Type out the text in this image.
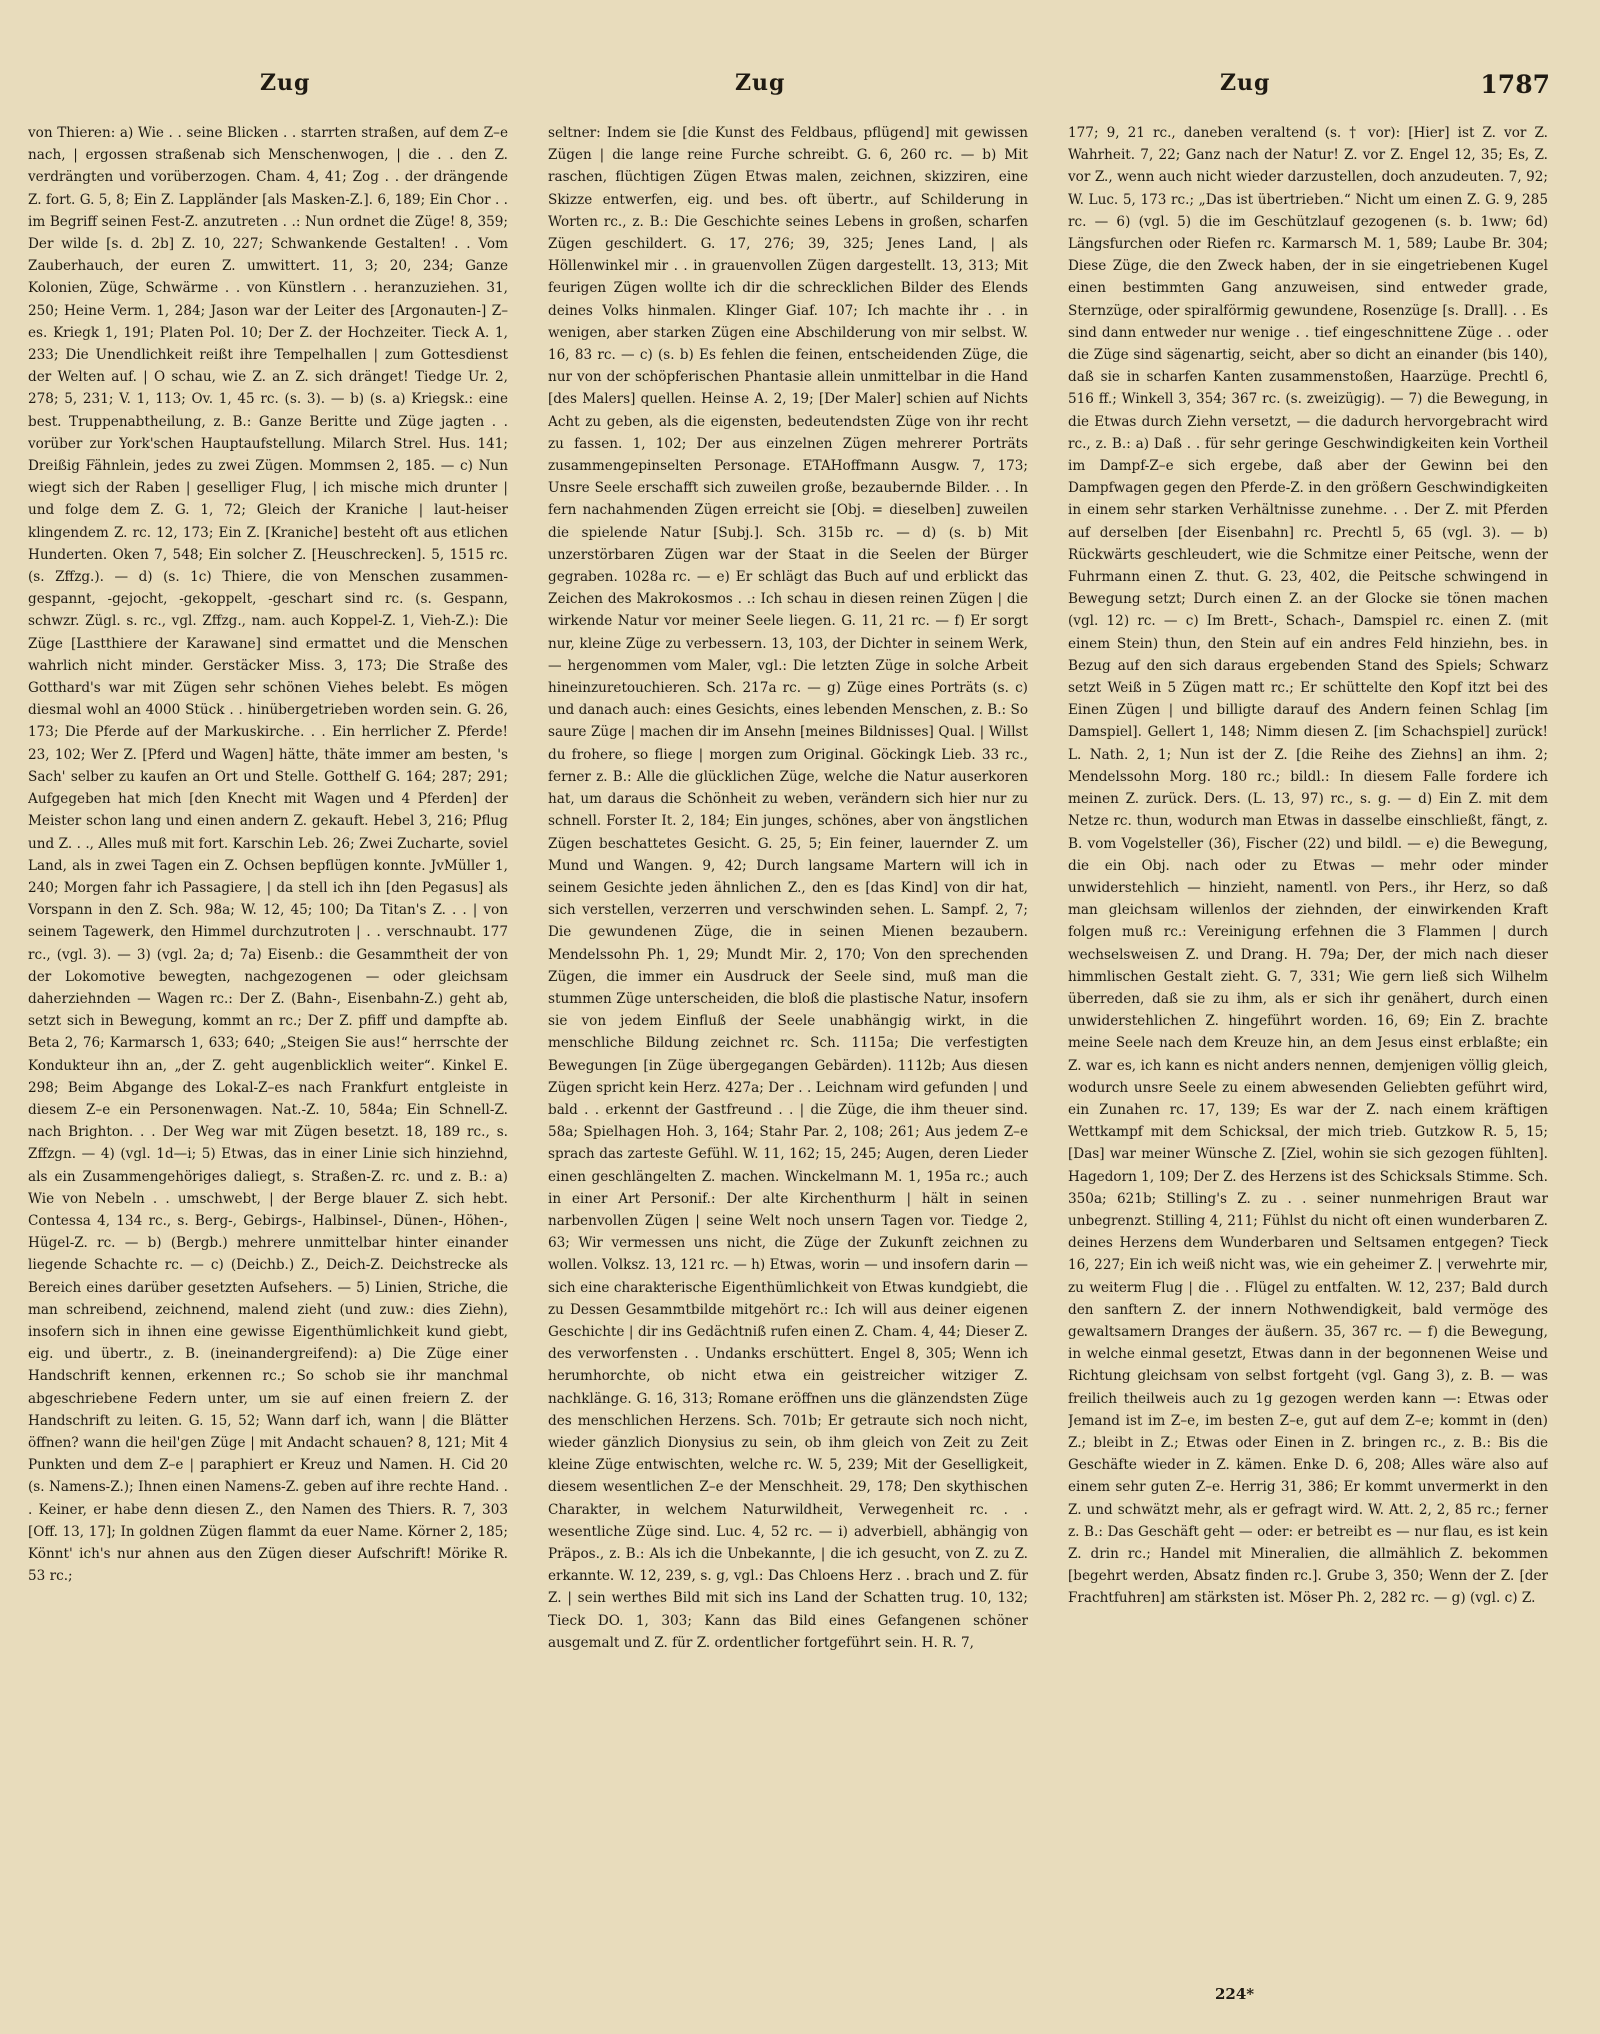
Zug	Zug	Zug	1787

von Thieren: a) Wie . . seine Blicken . . starrten straßen, auf dem Z–e nach, | ergossen straßenab sich Menschenwogen, | die . . den Z. verdrängten und vorüberzogen. Cham. 4, 41; Zog . . der drängende Z. fort. G. 5, 8; Ein Z. Lappländer [als Masken-Z.]. 6, 189; Ein Chor . . im Begriff seinen Fest-Z. anzutreten . .: Nun ordnet die Züge! 8, 359; Der wilde [s. d. 2b] Z. 10, 227; Schwankende Gestalten! . . Vom Zauberhauch, der euren Z. umwittert. 11, 3; 20, 234; Ganze Kolonien, Züge, Schwärme . . von Künstlern . . heranzuziehen. 31, 250; Heine Verm. 1, 284; Jason war der Leiter des [Argonauten-] Z–es. Kriegk 1, 191; Platen Pol. 10; Der Z. der Hochzeiter. Tieck A. 1, 233; Die Unendlichkeit reißt ihre Tempelhallen | zum Gottesdienst der Welten auf. | O schau, wie Z. an Z. sich dränget! Tiedge Ur. 2, 278; 5, 231; V. 1, 113; Ov. 1, 45 rc. (s. 3). — b) (s. a) Kriegsk.: eine best. Truppenabtheilung, z. B.: Ganze Beritte und Züge jagten . . vorüber zur York'schen Hauptaufstellung. Milarch Strel. Hus. 141; Dreißig Fähnlein, jedes zu zwei Zügen. Mommsen 2, 185. — c) Nun wiegt sich der Raben | geselliger Flug, | ich mische mich drunter | und folge dem Z. G. 1, 72; Gleich der Kraniche | laut-heiser klingendem Z. rc. 12, 173; Ein Z. [Kraniche] besteht oft aus etlichen Hunderten. Oken 7, 548; Ein solcher Z. [Heuschrecken]. 5, 1515 rc. (s. Zffzg.). — d) (s. 1c) Thiere, die von Menschen zusammen-gespannt, -gejocht, -gekoppelt, -geschart sind rc. (s. Gespann, schwzr. Zügl. s. rc., vgl. Zffzg., nam. auch Koppel-Z. 1, Vieh-Z.): Die Züge [Lastthiere der Karawane] sind ermattet und die Menschen wahrlich nicht minder. Gerstäcker Miss. 3, 173; Die Straße des Gotthard's war mit Zügen sehr schönen Viehes belebt. Es mögen diesmal wohl an 4000 Stück . . hinübergetrieben worden sein. G. 26, 173; Die Pferde auf der Markuskirche. . . Ein herrlicher Z. Pferde! 23, 102; Wer Z. [Pferd und Wagen] hätte, thäte immer am besten, 's Sach' selber zu kaufen an Ort und Stelle. Gotthelf G. 164; 287; 291; Aufgegeben hat mich [den Knecht mit Wagen und 4 Pferden] der Meister schon lang und einen andern Z. gekauft. Hebel 3, 216; Pflug und Z. . ., Alles muß mit fort. Karschin Leb. 26; Zwei Zucharte, soviel Land, als in zwei Tagen ein Z. Ochsen bepflügen konnte. JvMüller 1, 240; Morgen fahr ich Passagiere, | da stell ich ihn [den Pegasus] als Vorspann in den Z. Sch. 98a; W. 12, 45; 100; Da Titan's Z. . . | von seinem Tagewerk, den Himmel durchzutroten | . . verschnaubt. 177 rc., (vgl. 3). — 3) (vgl. 2a; d; 7a) Eisenb.: die Gesammtheit der von der Lokomotive bewegten, nachgezogenen — oder gleichsam daherziehnden — Wagen rc.: Der Z. (Bahn-, Eisenbahn-Z.) geht ab, setzt sich in Bewegung, kommt an rc.; Der Z. pfiff und dampfte ab. Beta 2, 76; Karmarsch 1, 633; 640; „Steigen Sie aus!“ herrschte der Kondukteur ihn an, „der Z. geht augenblicklich weiter“. Kinkel E. 298; Beim Abgange des Lokal-Z–es nach Frankfurt entgleiste in diesem Z–e ein Personenwagen. Nat.-Z. 10, 584a; Ein Schnell-Z. nach Brighton. . . Der Weg war mit Zügen besetzt. 18, 189 rc., s. Zffzgn. — 4) (vgl. 1d—i; 5) Etwas, das in einer Linie sich hinziehnd, als ein Zusammengehöriges daliegt, s. Straßen-Z. rc. und z. B.: a) Wie von Nebeln . . umschwebt, | der Berge blauer Z. sich hebt. Contessa 4, 134 rc., s. Berg-, Gebirgs-, Halbinsel-, Dünen-, Höhen-, Hügel-Z. rc. — b) (Bergb.) mehrere unmittelbar hinter einander liegende Schachte rc. — c) (Deichb.) Z., Deich-Z. Deichstrecke als Bereich eines darüber gesetzten Aufsehers. — 5) Linien, Striche, die man schreibend, zeichnend, malend zieht (und zuw.: dies Ziehn), insofern sich in ihnen eine gewisse Eigenthümlichkeit kund giebt, eig. und übertr., z. B. (ineinandergreifend): a) Die Züge einer Handschrift kennen, erkennen rc.; So schob sie ihr manchmal abgeschriebene Federn unter, um sie auf einen freiern Z. der Handschrift zu leiten. G. 15, 52; Wann darf ich, wann | die Blätter öffnen? wann die heil'gen Züge | mit Andacht schauen? 8, 121; Mit 4 Punkten und dem Z–e | paraphiert er Kreuz und Namen. H. Cid 20 (s. Namens-Z.); Ihnen einen Namens-Z. geben auf ihre rechte Hand. . . Keiner, er habe denn diesen Z., den Namen des Thiers. R. 7, 303 [Off. 13, 17]; In goldnen Zügen flammt da euer Name. Körner 2, 185; Könnt' ich's nur ahnen aus den Zügen dieser Aufschrift! Mörike R. 53 rc.;

seltner: Indem sie [die Kunst des Feldbaus, pflügend] mit gewissen Zügen | die lange reine Furche schreibt. G. 6, 260 rc. — b) Mit raschen, flüchtigen Zügen Etwas malen, zeichnen, skizziren, eine Skizze entwerfen, eig. und bes. oft übertr., auf Schilderung in Worten rc., z. B.: Die Geschichte seines Lebens in großen, scharfen Zügen geschildert. G. 17, 276; 39, 325; Jenes Land, | als Höllenwinkel mir . . in grauenvollen Zügen dargestellt. 13, 313; Mit feurigen Zügen wollte ich dir die schrecklichen Bilder des Elends deines Volks hinmalen. Klinger Giaf. 107; Ich machte ihr . . in wenigen, aber starken Zügen eine Abschilderung von mir selbst. W. 16, 83 rc. — c) (s. b) Es fehlen die feinen, entscheidenden Züge, die nur von der schöpferischen Phantasie allein unmittelbar in die Hand [des Malers] quellen. Heinse A. 2, 19; [Der Maler] schien auf Nichts Acht zu geben, als die eigensten, bedeutendsten Züge von ihr recht zu fassen. 1, 102; Der aus einzelnen Zügen mehrerer Porträts zusammengepinselten Personage. ETAHoffmann Ausgw. 7, 173; Unsre Seele erschafft sich zuweilen große, bezaubernde Bilder. . . In fern nachahmenden Zügen erreicht sie [Obj. = dieselben] zuweilen die spielende Natur [Subj.]. Sch. 315b rc. — d) (s. b) Mit unzerstörbaren Zügen war der Staat in die Seelen der Bürger gegraben. 1028a rc. — e) Er schlägt das Buch auf und erblickt das Zeichen des Makrokosmos . .: Ich schau in diesen reinen Zügen | die wirkende Natur vor meiner Seele liegen. G. 11, 21 rc. — f) Er sorgt nur, kleine Züge zu verbessern. 13, 103, der Dichter in seinem Werk, — hergenommen vom Maler, vgl.: Die letzten Züge in solche Arbeit hineinzuretouchieren. Sch. 217a rc. — g) Züge eines Porträts (s. c) und danach auch: eines Gesichts, eines lebenden Menschen, z. B.: So saure Züge | machen dir im Ansehn [meines Bildnisses] Qual. | Willst du frohere, so fliege | morgen zum Original. Göckingk Lieb. 33 rc., ferner z. B.: Alle die glücklichen Züge, welche die Natur auserkoren hat, um daraus die Schönheit zu weben, verändern sich hier nur zu schnell. Forster It. 2, 184; Ein junges, schönes, aber von ängstlichen Zügen beschattetes Gesicht. G. 25, 5; Ein feiner, lauernder Z. um Mund und Wangen. 9, 42; Durch langsame Martern will ich in seinem Gesichte jeden ähnlichen Z., den es [das Kind] von dir hat, sich verstellen, verzerren und verschwinden sehen. L. Sampf. 2, 7; Die gewundenen Züge, die in seinen Mienen bezaubern. Mendelssohn Ph. 1, 29; Mundt Mir. 2, 170; Von den sprechenden Zügen, die immer ein Ausdruck der Seele sind, muß man die stummen Züge unterscheiden, die bloß die plastische Natur, insofern sie von jedem Einfluß der Seele unabhängig wirkt, in die menschliche Bildung zeichnet rc. Sch. 1115a; Die verfestigten Bewegungen [in Züge übergegangen Gebärden). 1112b; Aus diesen Zügen spricht kein Herz. 427a; Der . . Leichnam wird gefunden | und bald . . erkennt der Gastfreund . . | die Züge, die ihm theuer sind. 58a; Spielhagen Hoh. 3, 164; Stahr Par. 2, 108; 261; Aus jedem Z–e sprach das zarteste Gefühl. W. 11, 162; 15, 245; Augen, deren Lieder einen geschlängelten Z. machen. Winckelmann M. 1, 195a rc.; auch in einer Art Personif.: Der alte Kirchenthurm | hält in seinen narbenvollen Zügen | seine Welt noch unsern Tagen vor. Tiedge 2, 63; Wir vermessen uns nicht, die Züge der Zukunft zeichnen zu wollen. Volksz. 13, 121 rc. — h) Etwas, worin — und insofern darin — sich eine charakterische Eigenthümlichkeit von Etwas kundgiebt, die zu Dessen Gesammtbilde mitgehört rc.: Ich will aus deiner eigenen Geschichte | dir ins Gedächtniß rufen einen Z. Cham. 4, 44; Dieser Z. des verworfensten . . Undanks erschüttert. Engel 8, 305; Wenn ich herumhorchte, ob nicht etwa ein geistreicher witziger Z. nachklänge. G. 16, 313; Romane eröffnen uns die glänzendsten Züge des menschlichen Herzens. Sch. 701b; Er getraute sich noch nicht, wieder gänzlich Dionysius zu sein, ob ihm gleich von Zeit zu Zeit kleine Züge entwischten, welche rc. W. 5, 239; Mit der Geselligkeit, diesem wesentlichen Z–e der Menschheit. 29, 178; Den skythischen Charakter, in welchem Naturwildheit, Verwegenheit rc. . . wesentliche Züge sind. Luc. 4, 52 rc. — i) adverbiell, abhängig von Präpos., z. B.: Als ich die Unbekannte, | die ich gesucht, von Z. zu Z. erkannte. W. 12, 239, s. g, vgl.: Das Chloens Herz . . brach und Z. für Z. | sein werthes Bild mit sich ins Land der Schatten trug. 10, 132; Tieck DO. 1, 303; Kann das Bild eines Gefangenen schöner ausgemalt und Z. für Z. ordentlicher fortgeführt sein. H. R. 7,

177; 9, 21 rc., daneben veraltend (s. † vor): [Hier] ist Z. vor Z. Wahrheit. 7, 22; Ganz nach der Natur! Z. vor Z. Engel 12, 35; Es, Z. vor Z., wenn auch nicht wieder darzustellen, doch anzudeuten. 7, 92; W. Luc. 5, 173 rc.; „Das ist übertrieben.“ Nicht um einen Z. G. 9, 285 rc. — 6) (vgl. 5) die im Geschützlauf gezogenen (s. b. 1ww; 6d) Längsfurchen oder Riefen rc. Karmarsch M. 1, 589; Laube Br. 304; Diese Züge, die den Zweck haben, der in sie eingetriebenen Kugel einen bestimmten Gang anzuweisen, sind entweder grade, Sternzüge, oder spiralförmig gewundene, Rosenzüge [s. Drall]. . . Es sind dann entweder nur wenige . . tief eingeschnittene Züge . . oder die Züge sind sägenartig, seicht, aber so dicht an einander (bis 140), daß sie in scharfen Kanten zusammenstoßen, Haarzüge. Prechtl 6, 516 ff.; Winkell 3, 354; 367 rc. (s. zweizügig). — 7) die Bewegung, in die Etwas durch Ziehn versetzt, — die dadurch hervorgebracht wird rc., z. B.: a) Daß . . für sehr geringe Geschwindigkeiten kein Vortheil im Dampf-Z–e sich ergebe, daß aber der Gewinn bei den Dampfwagen gegen den Pferde-Z. in den größern Geschwindigkeiten in einem sehr starken Verhältnisse zunehme. . . Der Z. mit Pferden auf derselben [der Eisenbahn] rc. Prechtl 5, 65 (vgl. 3). — b) Rückwärts geschleudert, wie die Schmitze einer Peitsche, wenn der Fuhrmann einen Z. thut. G. 23, 402, die Peitsche schwingend in Bewegung setzt; Durch einen Z. an der Glocke sie tönen machen (vgl. 12) rc. — c) Im Brett-, Schach-, Damspiel rc. einen Z. (mit einem Stein) thun, den Stein auf ein andres Feld hinziehn, bes. in Bezug auf den sich daraus ergebenden Stand des Spiels; Schwarz setzt Weiß in 5 Zügen matt rc.; Er schüttelte den Kopf itzt bei des Einen Zügen | und billigte darauf des Andern feinen Schlag [im Damspiel]. Gellert 1, 148; Nimm diesen Z. [im Schachspiel] zurück! L. Nath. 2, 1; Nun ist der Z. [die Reihe des Ziehns] an ihm. 2; Mendelssohn Morg. 180 rc.; bildl.: In diesem Falle fordere ich meinen Z. zurück. Ders. (L. 13, 97) rc., s. g. — d) Ein Z. mit dem Netze rc. thun, wodurch man Etwas in dasselbe einschließt, fängt, z. B. vom Vogelsteller (36), Fischer (22) und bildl. — e) die Bewegung, die ein Obj. nach oder zu Etwas — mehr oder minder unwiderstehlich — hinzieht, namentl. von Pers., ihr Herz, so daß man gleichsam willenlos der ziehnden, der einwirkenden Kraft folgen muß rc.: Vereinigung erfehnen die 3 Flammen | durch wechselsweisen Z. und Drang. H. 79a; Der, der mich nach dieser himmlischen Gestalt zieht. G. 7, 331; Wie gern ließ sich Wilhelm überreden, daß sie zu ihm, als er sich ihr genähert, durch einen unwiderstehlichen Z. hingeführt worden. 16, 69; Ein Z. brachte meine Seele nach dem Kreuze hin, an dem Jesus einst erblaßte; ein Z. war es, ich kann es nicht anders nennen, demjenigen völlig gleich, wodurch unsre Seele zu einem abwesenden Geliebten geführt wird, ein Zunahen rc. 17, 139; Es war der Z. nach einem kräftigen Wettkampf mit dem Schicksal, der mich trieb. Gutzkow R. 5, 15; [Das] war meiner Wünsche Z. [Ziel, wohin sie sich gezogen fühlten]. Hagedorn 1, 109; Der Z. des Herzens ist des Schicksals Stimme. Sch. 350a; 621b; Stilling's Z. zu . . seiner nunmehrigen Braut war unbegrenzt. Stilling 4, 211; Fühlst du nicht oft einen wunderbaren Z. deines Herzens dem Wunderbaren und Seltsamen entgegen? Tieck 16, 227; Ein ich weiß nicht was, wie ein geheimer Z. | verwehrte mir, zu weiterm Flug | die . . Flügel zu entfalten. W. 12, 237; Bald durch den sanftern Z. der innern Nothwendigkeit, bald vermöge des gewaltsamern Dranges der äußern. 35, 367 rc. — f) die Bewegung, in welche einmal gesetzt, Etwas dann in der begonnenen Weise und Richtung gleichsam von selbst fortgeht (vgl. Gang 3), z. B. — was freilich theilweis auch zu 1g gezogen werden kann —: Etwas oder Jemand ist im Z–e, im besten Z–e, gut auf dem Z–e; kommt in (den) Z.; bleibt in Z.; Etwas oder Einen in Z. bringen rc., z. B.: Bis die Geschäfte wieder in Z. kämen. Enke D. 6, 208; Alles wäre also auf einem sehr guten Z–e. Herrig 31, 386; Er kommt unvermerkt in den Z. und schwätzt mehr, als er gefragt wird. W. Att. 2, 2, 85 rc.; ferner z. B.: Das Geschäft geht — oder: er betreibt es — nur flau, es ist kein Z. drin rc.; Handel mit Mineralien, die allmählich Z. bekommen [begehrt werden, Absatz finden rc.]. Grube 3, 350; Wenn der Z. [der Frachtfuhren] am stärksten ist. Möser Ph. 2, 282 rc. — g) (vgl. c) Z.

224*
